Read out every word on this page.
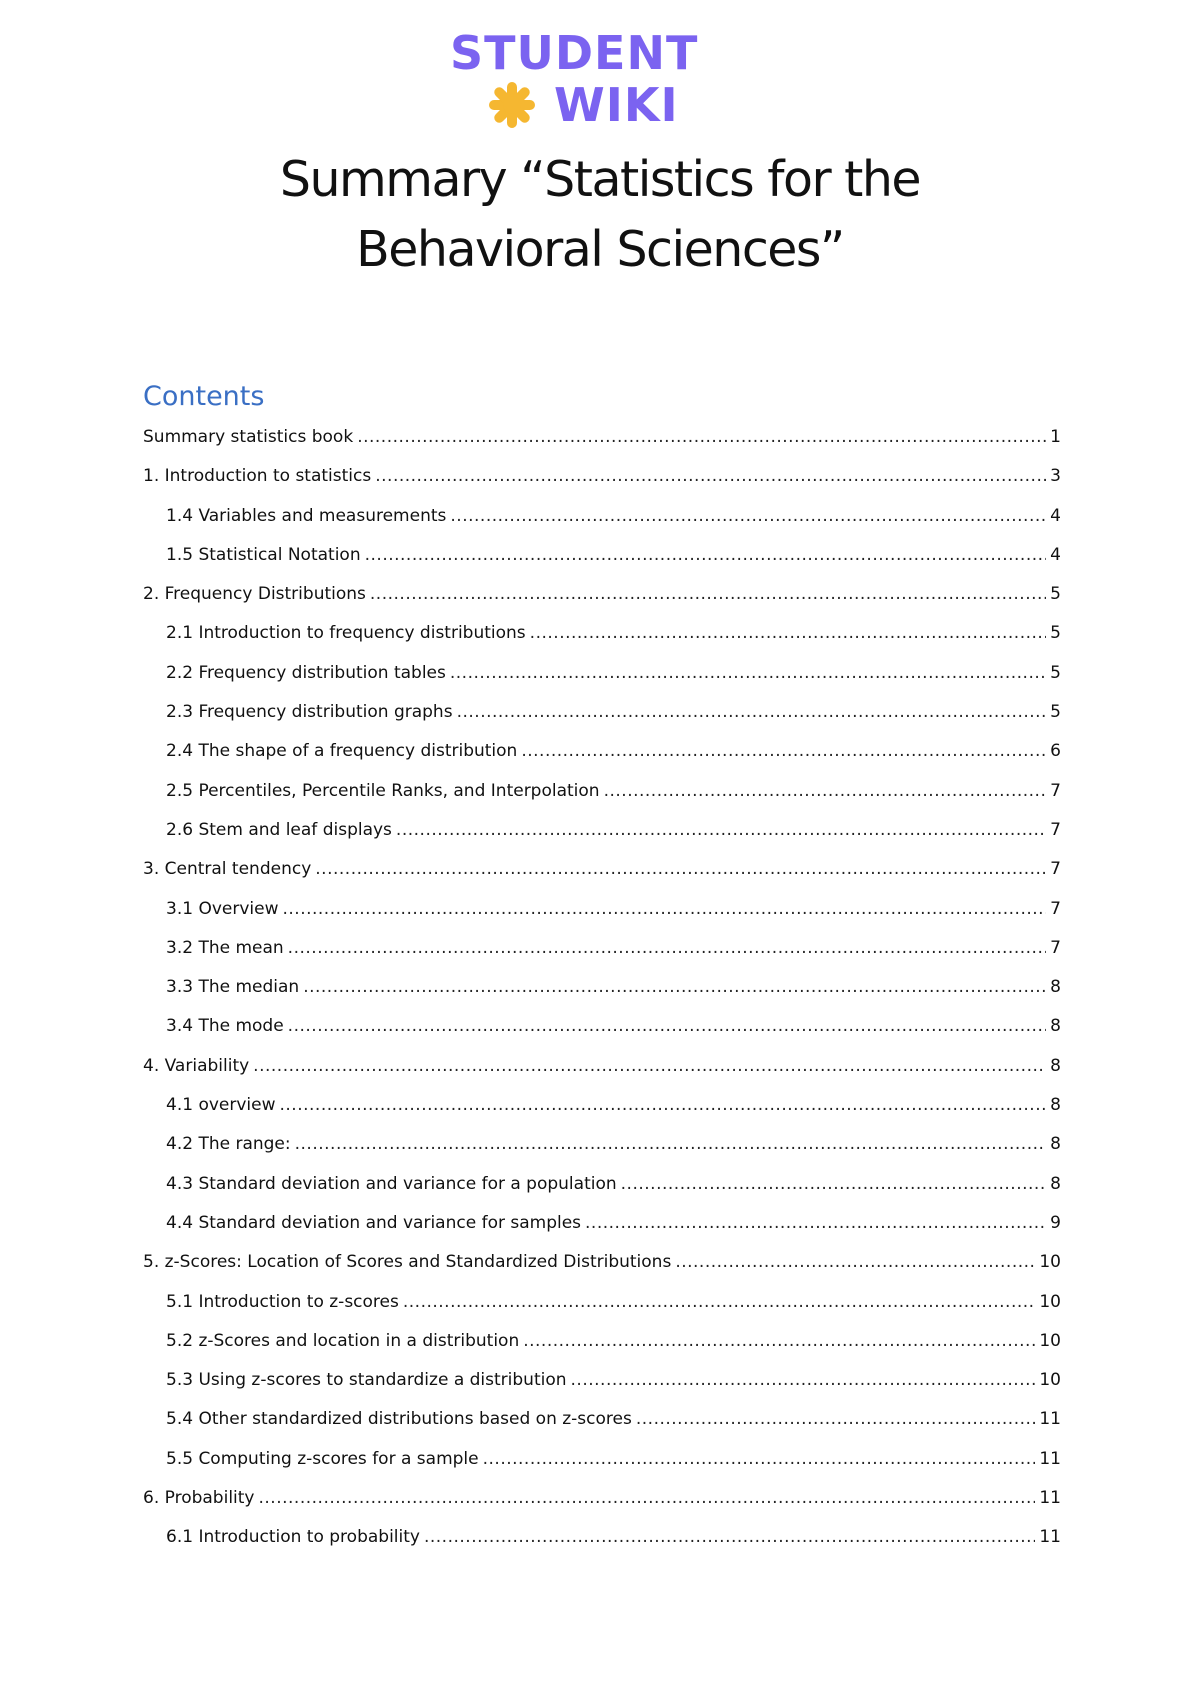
STUDENT
WIKI
Summary “Statistics for the
Behavioral Sciences”
Contents
Summary statistics book .....	1
1. Introduction to statistics .....	3
1.4 Variables and measurements .....	4
1.5 Statistical Notation .....	4
2. Frequency Distributions .....	5
2.1 Introduction to frequency distributions .....	5
2.2 Frequency distribution tables .....	5
2.3 Frequency distribution graphs .....	5
2.4 The shape of a frequency distribution .....	6
2.5 Percentiles, Percentile Ranks, and Interpolation .....	7
2.6 Stem and leaf displays .....	7
3. Central tendency .....	7
3.1 Overview .....	7
3.2 The mean .....	7
3.3 The median .....	8
3.4 The mode .....	8
4. Variability .....	8
4.1 overview .....	8
4.2 The range: .....	8
4.3 Standard deviation and variance for a population .....	8
4.4 Standard deviation and variance for samples .....	9
5. z-Scores: Location of Scores and Standardized Distributions .....	10
5.1 Introduction to z-scores .....	10
5.2 z-Scores and location in a distribution .....	10
5.3 Using z-scores to standardize a distribution .....	10
5.4 Other standardized distributions based on z-scores .....	11
5.5 Computing z-scores for a sample .....	11
6. Probability .....	11
6.1 Introduction to probability .....	11
